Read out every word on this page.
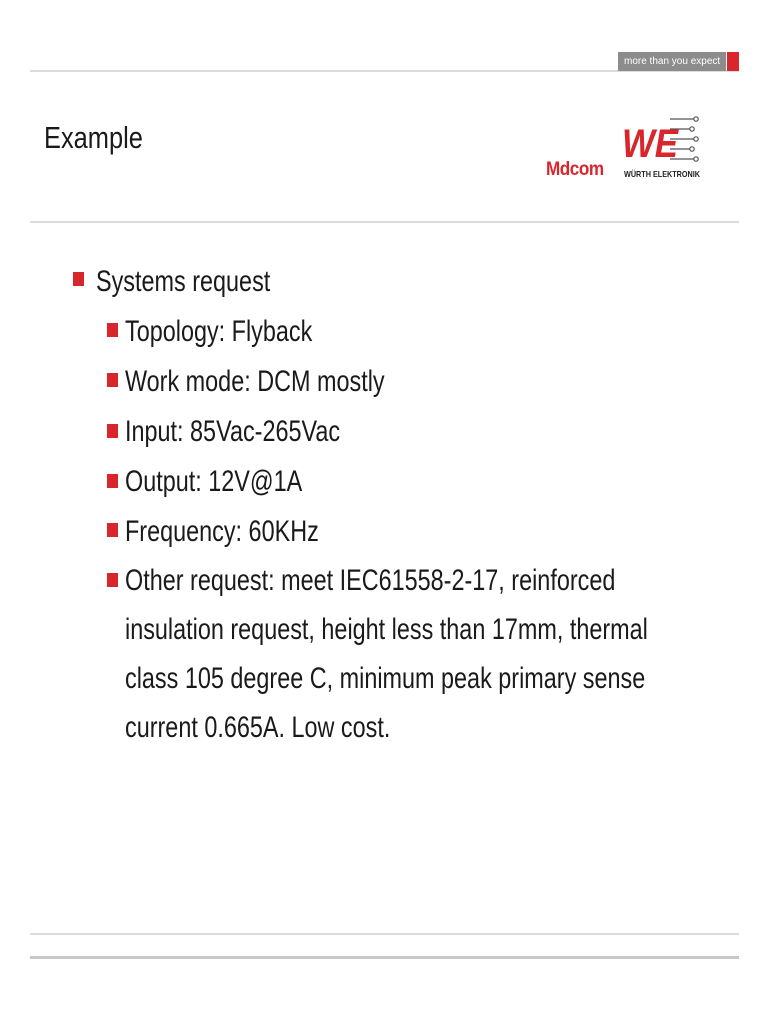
more than you expect
Example
Mdcom
WE
WÜRTH ELEKTRONIK
Systems request
Topology: Flyback
Work mode: DCM mostly
Input: 85Vac-265Vac
Output: 12V@1A
Frequency: 60KHz
Other request: meet IEC61558-2-17, reinforced
insulation request, height less than 17mm, thermal
class 105 degree C, minimum peak primary sense
current 0.665A. Low cost.
